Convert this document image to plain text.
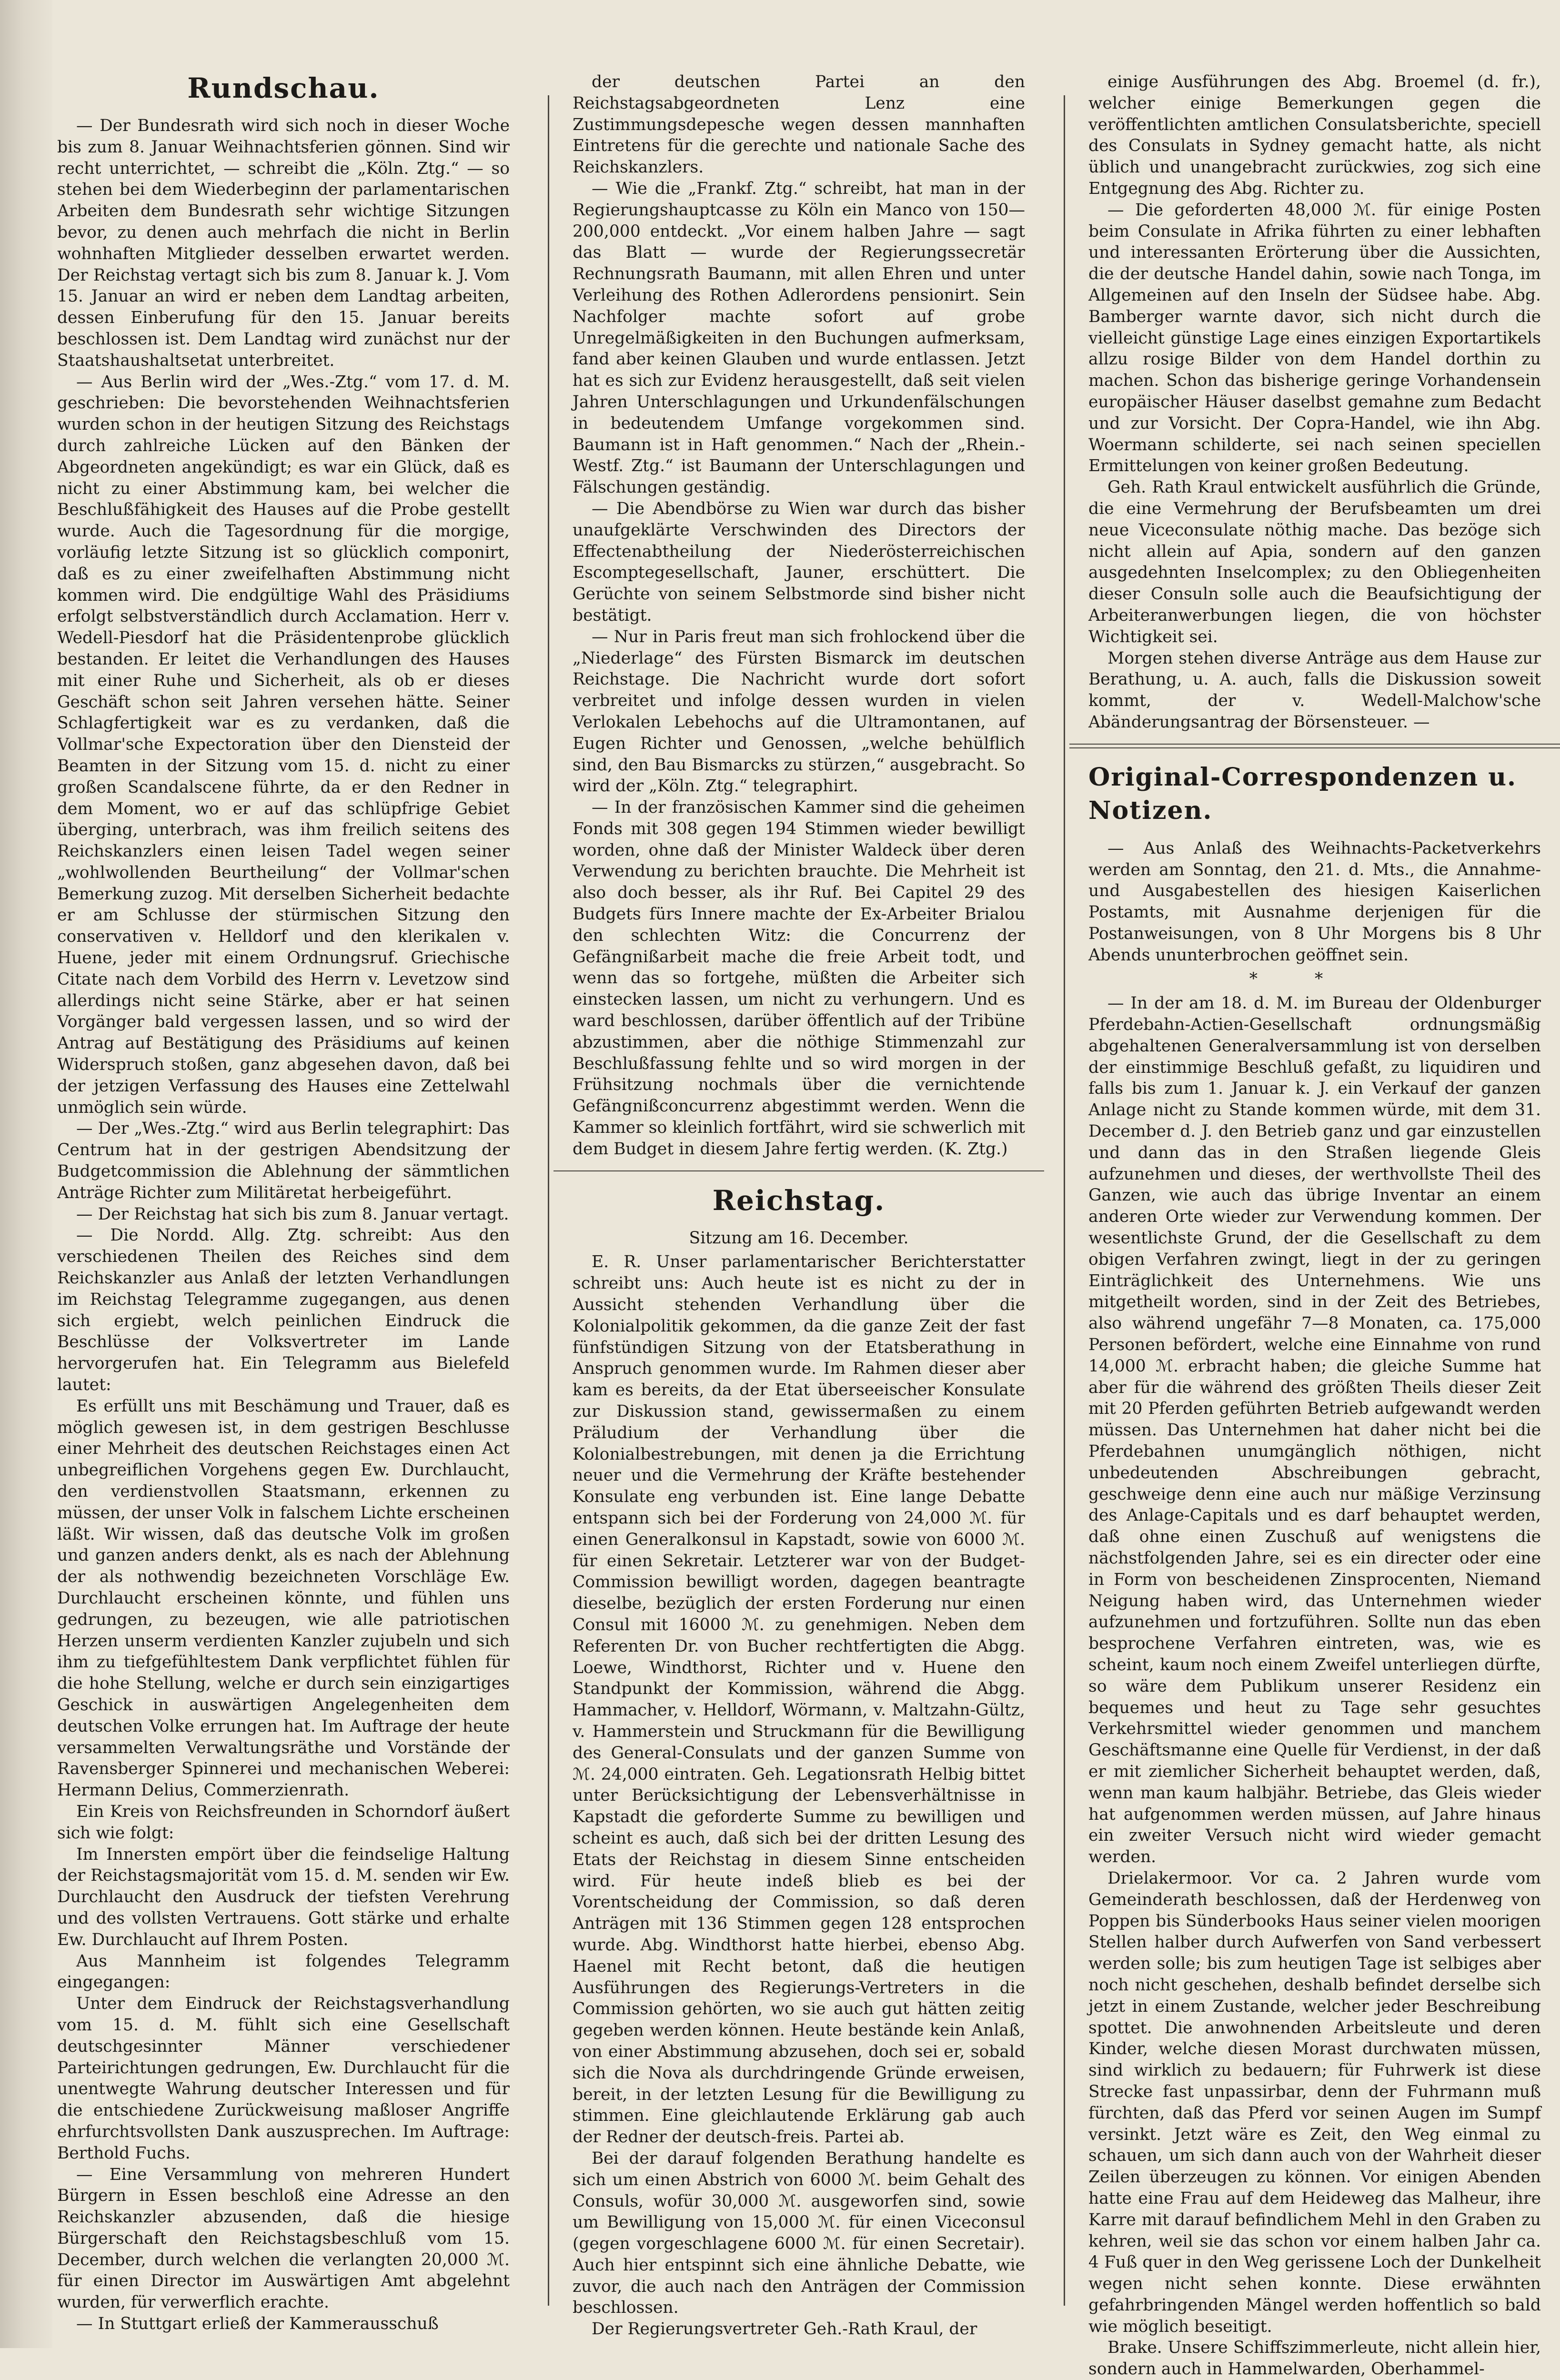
Rundschau.

— Der Bundesrath wird sich noch in dieser Woche bis zum 8. Januar Weihnachtsferien gönnen. Sind wir recht unterrichtet, — schreibt die „Köln. Ztg.“ — so stehen bei dem Wiederbeginn der parlamentarischen Arbeiten dem Bundesrath sehr wichtige Sitzungen bevor, zu denen auch mehrfach die nicht in Berlin wohnhaften Mitglieder desselben erwartet werden. Der Reichstag vertagt sich bis zum 8. Januar k. J. Vom 15. Januar an wird er neben dem Landtag arbeiten, dessen Einberufung für den 15. Januar bereits beschlossen ist. Dem Landtag wird zunächst nur der Staatshaushaltsetat unterbreitet.

— Aus Berlin wird der „Wes.-Ztg.“ vom 17. d. M. geschrieben: Die bevorstehenden Weihnachtsferien wurden schon in der heutigen Sitzung des Reichstags durch zahlreiche Lücken auf den Bänken der Abgeordneten angekündigt; es war ein Glück, daß es nicht zu einer Abstimmung kam, bei welcher die Beschlußfähigkeit des Hauses auf die Probe gestellt wurde. Auch die Tagesordnung für die morgige, vorläufig letzte Sitzung ist so glücklich componirt, daß es zu einer zweifelhaften Abstimmung nicht kommen wird. Die endgültige Wahl des Präsidiums erfolgt selbstverständlich durch Acclamation. Herr v. Wedell-Piesdorf hat die Präsidentenprobe glücklich bestanden. Er leitet die Verhandlungen des Hauses mit einer Ruhe und Sicherheit, als ob er dieses Geschäft schon seit Jahren versehen hätte. Seiner Schlagfertigkeit war es zu verdanken, daß die Vollmar'sche Expectoration über den Diensteid der Beamten in der Sitzung vom 15. d. nicht zu einer großen Scandalscene führte, da er den Redner in dem Moment, wo er auf das schlüpfrige Gebiet überging, unterbrach, was ihm freilich seitens des Reichskanzlers einen leisen Tadel wegen seiner „wohlwollenden Beurtheilung“ der Vollmar'schen Bemerkung zuzog. Mit derselben Sicherheit bedachte er am Schlusse der stürmischen Sitzung den conservativen v. Helldorf und den klerikalen v. Huene, jeder mit einem Ordnungsruf. Griechische Citate nach dem Vorbild des Herrn v. Levetzow sind allerdings nicht seine Stärke, aber er hat seinen Vorgänger bald vergessen lassen, und so wird der Antrag auf Bestätigung des Präsidiums auf keinen Widerspruch stoßen, ganz abgesehen davon, daß bei der jetzigen Verfassung des Hauses eine Zettelwahl unmöglich sein würde.

— Der „Wes.-Ztg.“ wird aus Berlin telegraphirt: Das Centrum hat in der gestrigen Abendsitzung der Budgetcommission die Ablehnung der sämmtlichen Anträge Richter zum Militäretat herbeigeführt.

— Der Reichstag hat sich bis zum 8. Januar vertagt.

— Die Nordd. Allg. Ztg. schreibt: Aus den verschiedenen Theilen des Reiches sind dem Reichskanzler aus Anlaß der letzten Verhandlungen im Reichstag Telegramme zugegangen, aus denen sich ergiebt, welch peinlichen Eindruck die Beschlüsse der Volksvertreter im Lande hervorgerufen hat. Ein Telegramm aus Bielefeld lautet:

Es erfüllt uns mit Beschämung und Trauer, daß es möglich gewesen ist, in dem gestrigen Beschlusse einer Mehrheit des deutschen Reichstages einen Act unbegreiflichen Vorgehens gegen Ew. Durchlaucht, den verdienstvollen Staatsmann, erkennen zu müssen, der unser Volk in falschem Lichte erscheinen läßt. Wir wissen, daß das deutsche Volk im großen und ganzen anders denkt, als es nach der Ablehnung der als nothwendig bezeichneten Vorschläge Ew. Durchlaucht erscheinen könnte, und fühlen uns gedrungen, zu bezeugen, wie alle patriotischen Herzen unserm verdienten Kanzler zujubeln und sich ihm zu tiefgefühltestem Dank verpflichtet fühlen für die hohe Stellung, welche er durch sein einzigartiges Geschick in auswärtigen Angelegenheiten dem deutschen Volke errungen hat. Im Auftrage der heute versammelten Verwaltungsräthe und Vorstände der Ravensberger Spinnerei und mechanischen Weberei: Hermann Delius, Commerzienrath.

Ein Kreis von Reichsfreunden in Schorndorf äußert sich wie folgt:

Im Innersten empört über die feindselige Haltung der Reichstagsmajorität vom 15. d. M. senden wir Ew. Durchlaucht den Ausdruck der tiefsten Verehrung und des vollsten Vertrauens. Gott stärke und erhalte Ew. Durchlaucht auf Ihrem Posten.

Aus Mannheim ist folgendes Telegramm eingegangen:

Unter dem Eindruck der Reichstagsverhandlung vom 15. d. M. fühlt sich eine Gesellschaft deutschgesinnter Männer verschiedener Parteirichtungen gedrungen, Ew. Durchlaucht für die unentwegte Wahrung deutscher Interessen und für die entschiedene Zurückweisung maßloser Angriffe ehrfurchtsvollsten Dank auszusprechen. Im Auftrage: Berthold Fuchs.

— Eine Versammlung von mehreren Hundert Bürgern in Essen beschloß eine Adresse an den Reichskanzler abzusenden, daß die hiesige Bürgerschaft den Reichstagsbeschluß vom 15. December, durch welchen die verlangten 20,000 ℳ. für einen Director im Auswärtigen Amt abgelehnt wurden, für verwerflich erachte.

— In Stuttgart erließ der Kammerausschuß

der deutschen Partei an den Reichstagsabgeordneten Lenz eine Zustimmungsdepesche wegen dessen mannhaften Eintretens für die gerechte und nationale Sache des Reichskanzlers.

— Wie die „Frankf. Ztg.“ schreibt, hat man in der Regierungshauptcasse zu Köln ein Manco von 150—200,000 entdeckt. „Vor einem halben Jahre — sagt das Blatt — wurde der Regierungssecretär Rechnungsrath Baumann, mit allen Ehren und unter Verleihung des Rothen Adlerordens pensionirt. Sein Nachfolger machte sofort auf grobe Unregelmäßigkeiten in den Buchungen aufmerksam, fand aber keinen Glauben und wurde entlassen. Jetzt hat es sich zur Evidenz herausgestellt, daß seit vielen Jahren Unterschlagungen und Urkundenfälschungen in bedeutendem Umfange vorgekommen sind. Baumann ist in Haft genommen.“ Nach der „Rhein.-Westf. Ztg.“ ist Baumann der Unterschlagungen und Fälschungen geständig.

— Die Abendbörse zu Wien war durch das bisher unaufgeklärte Verschwinden des Directors der Effectenabtheilung der Niederösterreichischen Escomptegesellschaft, Jauner, erschüttert. Die Gerüchte von seinem Selbstmorde sind bisher nicht bestätigt.

— Nur in Paris freut man sich frohlockend über die „Niederlage“ des Fürsten Bismarck im deutschen Reichstage. Die Nachricht wurde dort sofort verbreitet und infolge dessen wurden in vielen Verlokalen Lebehochs auf die Ultramontanen, auf Eugen Richter und Genossen, „welche behülflich sind, den Bau Bismarcks zu stürzen,“ ausgebracht. So wird der „Köln. Ztg.“ telegraphirt.

— In der französischen Kammer sind die geheimen Fonds mit 308 gegen 194 Stimmen wieder bewilligt worden, ohne daß der Minister Waldeck über deren Verwendung zu berichten brauchte. Die Mehrheit ist also doch besser, als ihr Ruf. Bei Capitel 29 des Budgets fürs Innere machte der Ex-Arbeiter Brialou den schlechten Witz: die Concurrenz der Gefängnißarbeit mache die freie Arbeit todt, und wenn das so fortgehe, müßten die Arbeiter sich einstecken lassen, um nicht zu verhungern. Und es ward beschlossen, darüber öffentlich auf der Tribüne abzustimmen, aber die nöthige Stimmenzahl zur Beschlußfassung fehlte und so wird morgen in der Frühsitzung nochmals über die vernichtende Gefängnißconcurrenz abgestimmt werden. Wenn die Kammer so kleinlich fortfährt, wird sie schwerlich mit dem Budget in diesem Jahre fertig werden. (K. Ztg.)

Reichstag.
Sitzung am 16. December.

E. R. Unser parlamentarischer Berichterstatter schreibt uns: Auch heute ist es nicht zu der in Aussicht stehenden Verhandlung über die Kolonialpolitik gekommen, da die ganze Zeit der fast fünfstündigen Sitzung von der Etatsberathung in Anspruch genommen wurde. Im Rahmen dieser aber kam es bereits, da der Etat überseeischer Konsulate zur Diskussion stand, gewissermaßen zu einem Präludium der Verhandlung über die Kolonialbestrebungen, mit denen ja die Errichtung neuer und die Vermehrung der Kräfte bestehender Konsulate eng verbunden ist. Eine lange Debatte entspann sich bei der Forderung von 24,000 ℳ. für einen Generalkonsul in Kapstadt, sowie von 6000 ℳ. für einen Sekretair. Letzterer war von der Budget-Commission bewilligt worden, dagegen beantragte dieselbe, bezüglich der ersten Forderung nur einen Consul mit 16000 ℳ. zu genehmigen. Neben dem Referenten Dr. von Bucher rechtfertigten die Abgg. Loewe, Windthorst, Richter und v. Huene den Standpunkt der Kommission, während die Abgg. Hammacher, v. Helldorf, Wörmann, v. Maltzahn-Gültz, v. Hammerstein und Struckmann für die Bewilligung des General-Consulats und der ganzen Summe von ℳ. 24,000 eintraten. Geh. Legationsrath Helbig bittet unter Berücksichtigung der Lebensverhältnisse in Kapstadt die geforderte Summe zu bewilligen und scheint es auch, daß sich bei der dritten Lesung des Etats der Reichstag in diesem Sinne entscheiden wird. Für heute indeß blieb es bei der Vorentscheidung der Commission, so daß deren Anträgen mit 136 Stimmen gegen 128 entsprochen wurde. Abg. Windthorst hatte hierbei, ebenso Abg. Haenel mit Recht betont, daß die heutigen Ausführungen des Regierungs-Vertreters in die Commission gehörten, wo sie auch gut hätten zeitig gegeben werden können. Heute bestände kein Anlaß, von einer Abstimmung abzusehen, doch sei er, sobald sich die Nova als durchdringende Gründe erweisen, bereit, in der letzten Lesung für die Bewilligung zu stimmen. Eine gleichlautende Erklärung gab auch der Redner der deutsch-freis. Partei ab.

Bei der darauf folgenden Berathung handelte es sich um einen Abstrich von 6000 ℳ. beim Gehalt des Consuls, wofür 30,000 ℳ. ausgeworfen sind, sowie um Bewilligung von 15,000 ℳ. für einen Viceconsul (gegen vorgeschlagene 6000 ℳ. für einen Secretair). Auch hier entspinnt sich eine ähnliche Debatte, wie zuvor, die auch nach den Anträgen der Commission beschlossen.

Der Regierungsvertreter Geh.-Rath Kraul, der

einige Ausführungen des Abg. Broemel (d. fr.), welcher einige Bemerkungen gegen die veröffentlichten amtlichen Consulatsberichte, speciell des Consulats in Sydney gemacht hatte, als nicht üblich und unangebracht zurückwies, zog sich eine Entgegnung des Abg. Richter zu.

— Die geforderten 48,000 ℳ. für einige Posten beim Consulate in Afrika führten zu einer lebhaften und interessanten Erörterung über die Aussichten, die der deutsche Handel dahin, sowie nach Tonga, im Allgemeinen auf den Inseln der Südsee habe. Abg. Bamberger warnte davor, sich nicht durch die vielleicht günstige Lage eines einzigen Exportartikels allzu rosige Bilder von dem Handel dorthin zu machen. Schon das bisherige geringe Vorhandensein europäischer Häuser daselbst gemahne zum Bedacht und zur Vorsicht. Der Copra-Handel, wie ihn Abg. Woermann schilderte, sei nach seinen speciellen Ermittelungen von keiner großen Bedeutung.

Geh. Rath Kraul entwickelt ausführlich die Gründe, die eine Vermehrung der Berufsbeamten um drei neue Viceconsulate nöthig mache. Das bezöge sich nicht allein auf Apia, sondern auf den ganzen ausgedehnten Inselcomplex; zu den Obliegenheiten dieser Consuln solle auch die Beaufsichtigung der Arbeiteranwerbungen liegen, die von höchster Wichtigkeit sei.

Morgen stehen diverse Anträge aus dem Hause zur Berathung, u. A. auch, falls die Diskussion soweit kommt, der v. Wedell-Malchow'sche Abänderungsantrag der Börsensteuer. —

Original-Correspondenzen u. Notizen.

— Aus Anlaß des Weihnachts-Packetverkehrs werden am Sonntag, den 21. d. Mts., die Annahme- und Ausgabestellen des hiesigen Kaiserlichen Postamts, mit Ausnahme derjenigen für die Postanweisungen, von 8 Uhr Morgens bis 8 Uhr Abends ununterbrochen geöffnet sein.

**

— In der am 18. d. M. im Bureau der Oldenburger Pferdebahn-Actien-Gesellschaft ordnungsmäßig abgehaltenen Generalversammlung ist von derselben der einstimmige Beschluß gefaßt, zu liquidiren und falls bis zum 1. Januar k. J. ein Verkauf der ganzen Anlage nicht zu Stande kommen würde, mit dem 31. December d. J. den Betrieb ganz und gar einzustellen und dann das in den Straßen liegende Gleis aufzunehmen und dieses, der werthvollste Theil des Ganzen, wie auch das übrige Inventar an einem anderen Orte wieder zur Verwendung kommen. Der wesentlichste Grund, der die Gesellschaft zu dem obigen Verfahren zwingt, liegt in der zu geringen Einträglichkeit des Unternehmens. Wie uns mitgetheilt worden, sind in der Zeit des Betriebes, also während ungefähr 7—8 Monaten, ca. 175,000 Personen befördert, welche eine Einnahme von rund 14,000 ℳ. erbracht haben; die gleiche Summe hat aber für die während des größten Theils dieser Zeit mit 20 Pferden geführten Betrieb aufgewandt werden müssen. Das Unternehmen hat daher nicht bei die Pferdebahnen unumgänglich nöthigen, nicht unbedeutenden Abschreibungen gebracht, geschweige denn eine auch nur mäßige Verzinsung des Anlage-Capitals und es darf behauptet werden, daß ohne einen Zuschuß auf wenigstens die nächstfolgenden Jahre, sei es ein directer oder eine in Form von bescheidenen Zinsprocenten, Niemand Neigung haben wird, das Unternehmen wieder aufzunehmen und fortzuführen. Sollte nun das eben besprochene Verfahren eintreten, was, wie es scheint, kaum noch einem Zweifel unterliegen dürfte, so wäre dem Publikum unserer Residenz ein bequemes und heut zu Tage sehr gesuchtes Verkehrsmittel wieder genommen und manchem Geschäftsmanne eine Quelle für Verdienst, in der daß er mit ziemlicher Sicherheit behauptet werden, daß, wenn man kaum halbjähr. Betriebe, das Gleis wieder hat aufgenommen werden müssen, auf Jahre hinaus ein zweiter Versuch nicht wird wieder gemacht werden.

Drielakermoor. Vor ca. 2 Jahren wurde vom Gemeinderath beschlossen, daß der Herdenweg von Poppen bis Sünderbooks Haus seiner vielen moorigen Stellen halber durch Aufwerfen von Sand verbessert werden solle; bis zum heutigen Tage ist selbiges aber noch nicht geschehen, deshalb befindet derselbe sich jetzt in einem Zustande, welcher jeder Beschreibung spottet. Die anwohnenden Arbeitsleute und deren Kinder, welche diesen Morast durchwaten müssen, sind wirklich zu bedauern; für Fuhrwerk ist diese Strecke fast unpassirbar, denn der Fuhrmann muß fürchten, daß das Pferd vor seinen Augen im Sumpf versinkt. Jetzt wäre es Zeit, den Weg einmal zu schauen, um sich dann auch von der Wahrheit dieser Zeilen überzeugen zu können. Vor einigen Abenden hatte eine Frau auf dem Heideweg das Malheur, ihre Karre mit darauf befindlichem Mehl in den Graben zu kehren, weil sie das schon vor einem halben Jahr ca. 4 Fuß quer in den Weg gerissene Loch der Dunkelheit wegen nicht sehen konnte. Diese erwähnten gefahrbringenden Mängel werden hoffentlich so bald wie möglich beseitigt.

Brake. Unsere Schiffszimmerleute, nicht allein hier, sondern auch in Hammelwarden, Oberhammel-
